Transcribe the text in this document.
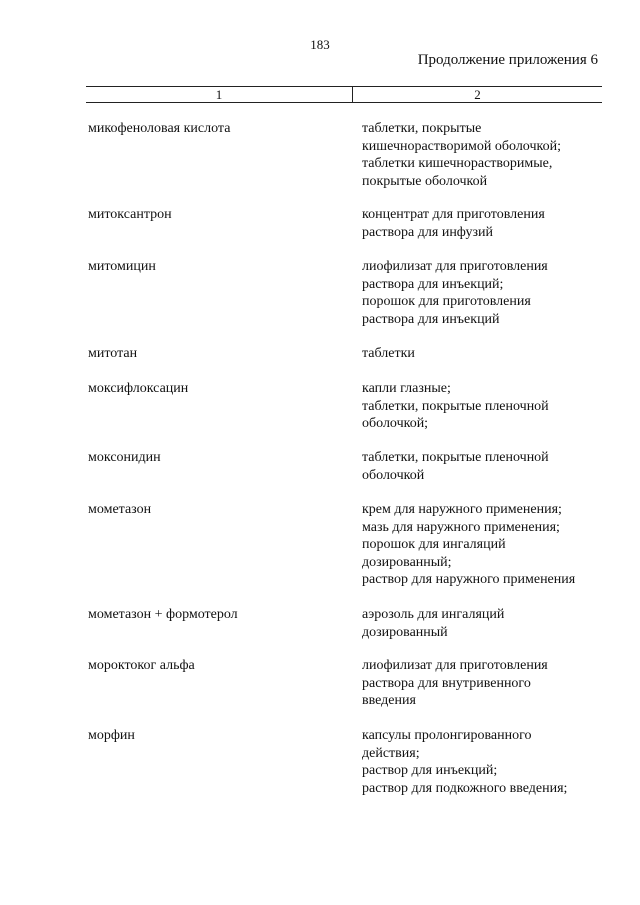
183
Продолжение приложения 6
1	2
микофеноловая кислота	таблетки, покрытые
кишечнорастворимой оболочкой;
таблетки кишечнорастворимые,
покрытые оболочкой
митоксантрон	концентрат для приготовления
раствора для инфузий
митомицин	лиофилизат для приготовления
раствора для инъекций;
порошок для приготовления
раствора для инъекций
митотан	таблетки
моксифлоксацин	капли глазные;
таблетки, покрытые пленочной
оболочкой;
моксонидин	таблетки, покрытые пленочной
оболочкой
мометазон	крем для наружного применения;
мазь для наружного применения;
порошок для ингаляций
дозированный;
раствор для наружного применения
мометазон + формотерол	аэрозоль для ингаляций
дозированный
мороктоког альфа	лиофилизат для приготовления
раствора для внутривенного
введения
морфин	капсулы пролонгированного
действия;
раствор для инъекций;
раствор для подкожного введения;
